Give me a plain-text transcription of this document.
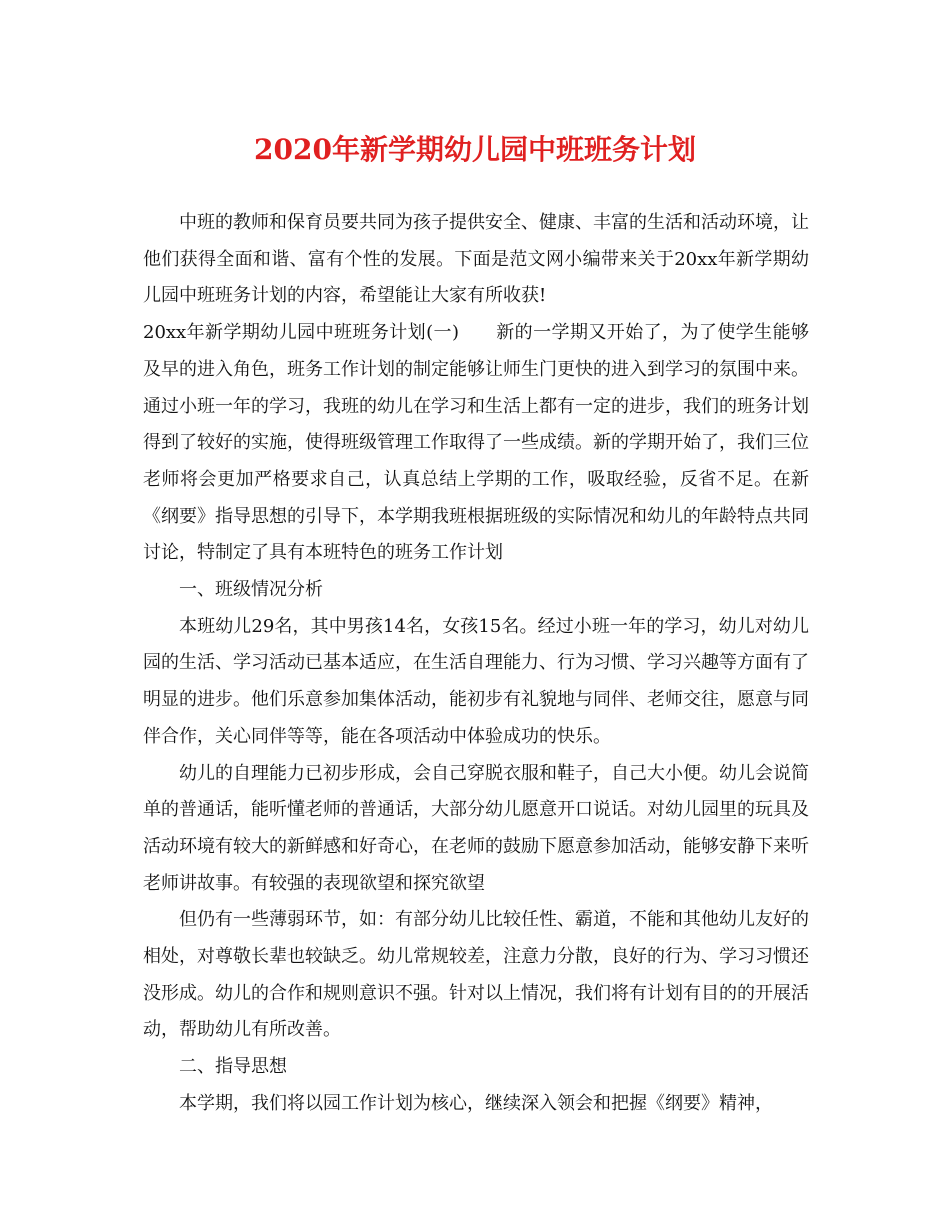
2020年新学期幼儿园中班班务计划

中班的教师和保育员要共同为孩子提供安全、健康、丰富的生活和活动环境，让他们获得全面和谐、富有个性的发展。下面是范文网小编带来关于20xx年新学期幼儿园中班班务计划的内容，希望能让大家有所收获!

20xx年新学期幼儿园中班班务计划(一)　　新的一学期又开始了，为了使学生能够及早的进入角色，班务工作计划的制定能够让师生门更快的进入到学习的氛围中来。通过小班一年的学习，我班的幼儿在学习和生活上都有一定的进步，我们的班务计划得到了较好的实施，使得班级管理工作取得了一些成绩。新的学期开始了，我们三位老师将会更加严格要求自己，认真总结上学期的工作，吸取经验，反省不足。在新《纲要》指导思想的引导下，本学期我班根据班级的实际情况和幼儿的年龄特点共同讨论，特制定了具有本班特色的班务工作计划

一、班级情况分析

本班幼儿29名，其中男孩14名，女孩15名。经过小班一年的学习，幼儿对幼儿园的生活、学习活动已基本适应，在生活自理能力、行为习惯、学习兴趣等方面有了明显的进步。他们乐意参加集体活动，能初步有礼貌地与同伴、老师交往，愿意与同伴合作，关心同伴等等，能在各项活动中体验成功的快乐。

幼儿的自理能力已初步形成，会自己穿脱衣服和鞋子，自己大小便。幼儿会说简单的普通话，能听懂老师的普通话，大部分幼儿愿意开口说话。对幼儿园里的玩具及活动环境有较大的新鲜感和好奇心，在老师的鼓励下愿意参加活动，能够安静下来听老师讲故事。有较强的表现欲望和探究欲望

但仍有一些薄弱环节，如：有部分幼儿比较任性、霸道，不能和其他幼儿友好的相处，对尊敬长辈也较缺乏。幼儿常规较差，注意力分散，良好的行为、学习习惯还没形成。幼儿的合作和规则意识不强。针对以上情况，我们将有计划有目的的开展活动，帮助幼儿有所改善。

二、指导思想

本学期，我们将以园工作计划为核心，继续深入领会和把握《纲要》精神，
